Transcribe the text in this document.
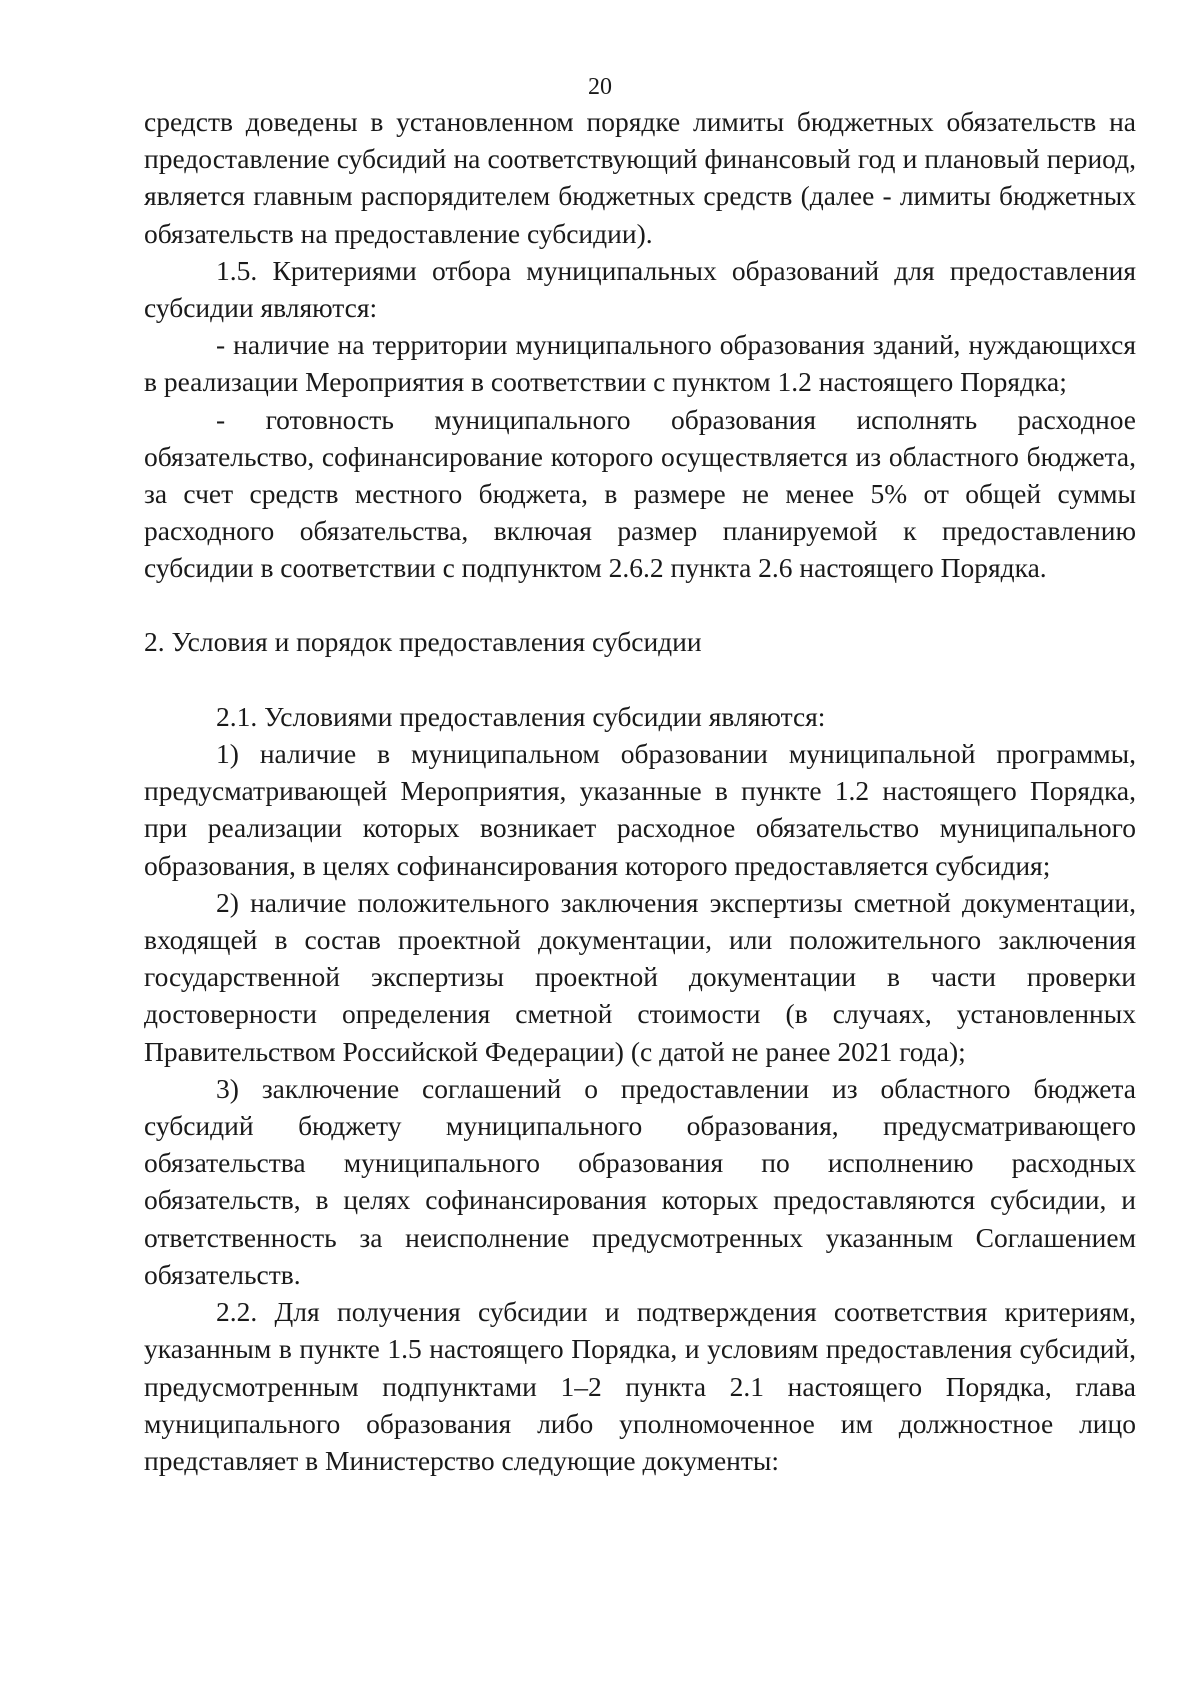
20

средств доведены в установленном порядке лимиты бюджетных обязательств на предоставление субсидий на соответствующий финансовый год и плановый период, является главным распорядителем бюджетных средств (далее - лимиты бюджетных обязательств на предоставление субсидии).

1.5. Критериями отбора муниципальных образований для предоставления субсидии являются:

- наличие на территории муниципального образования зданий, нуждающихся в реализации Мероприятия в соответствии с пунктом 1.2 настоящего Порядка;

- готовность муниципального образования исполнять расходное обязательство, софинансирование которого осуществляется из областного бюджета, за счет средств местного бюджета, в размере не менее 5% от общей суммы расходного обязательства, включая размер планируемой к предоставлению субсидии в соответствии с подпунктом 2.6.2 пункта 2.6 настоящего Порядка.

2. Условия и порядок предоставления субсидии

2.1. Условиями предоставления субсидии являются:

1) наличие в муниципальном образовании муниципальной программы, предусматривающей Мероприятия, указанные в пункте 1.2 настоящего Порядка, при реализации которых возникает расходное обязательство муниципального образования, в целях софинансирования которого предоставляется субсидия;

2) наличие положительного заключения экспертизы сметной документации, входящей в состав проектной документации, или положительного заключения государственной экспертизы проектной документации в части проверки достоверности определения сметной стоимости (в случаях, установленных Правительством Российской Федерации) (с датой не ранее 2021 года);

3) заключение соглашений о предоставлении из областного бюджета субсидий бюджету муниципального образования, предусматривающего обязательства муниципального образования по исполнению расходных обязательств, в целях софинансирования которых предоставляются субсидии, и ответственность за неисполнение предусмотренных указанным Соглашением обязательств.

2.2. Для получения субсидии и подтверждения соответствия критериям, указанным в пункте 1.5 настоящего Порядка, и условиям предоставления субсидий, предусмотренным подпунктами 1–2 пункта 2.1 настоящего Порядка, глава муниципального образования либо уполномоченное им должностное лицо представляет в Министерство следующие документы:
